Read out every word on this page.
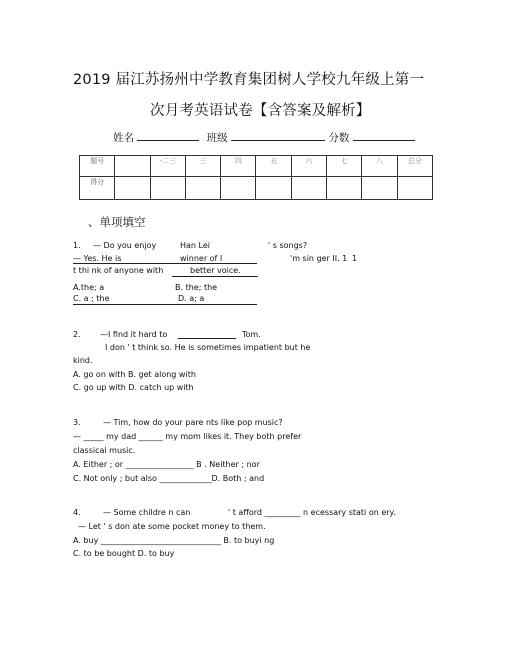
2019 届江苏扬州中学教育集团树人学校九年级上第一
次月考英语试卷【含答案及解析】
姓名	班级	分数
题号		-二三	三	四	五	六	七	八	总分
得分									
、单项填空
1. — Do you enjoy	Han Lei	' s songs?
— Yes. He is	winner of I	'm sin ger II. 1 1
t thi nk of anyone with	better voice.
A.the; a	B. the; the
C. a ; the	D. a; a
2. —I find it hard to	Tom.
I don ' t think so. He is sometimes impatient but he
kind.
A. go on with B. get along with
C. go up with D. catch up with
3.	— Tim, how do your pare nts like pop music?
— _____ my dad ______ my mom likes it. They both prefer
classical music.
A. Either ; or _________________ B . Neither ; nor
C. Not only ; but also _____________D. Both ; and
4.	— Some childre n can	' t afford _________ n ecessary stati on ery.
— Let ' s don ate some pocket money to them.
A. buy ______________________________ B. to buyi ng
C. to be bought D. to buy
